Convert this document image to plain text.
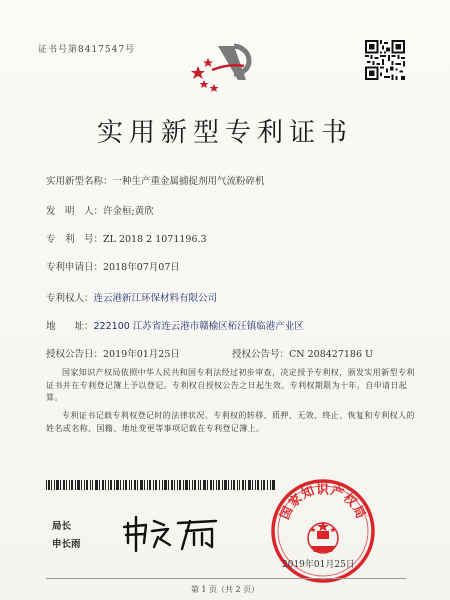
证书号第8417547号
实用新型专利证书
实用新型名称：一种生产重金属捕捉剂用气流粉碎机
发　明　人：许金桓;黄欣
专　利　号：ZL 2018 2 1071196.3
专利申请日：2018年07月07日
专利权人：连云港新江环保材料有限公司
地　　址：222100 江苏省连云港市赣榆区柘汪镇临港产业区
授权公告日：2019年01月25日	授权公告号：CN 208427186 U
国家知识产权局依照中华人民共和国专利法经过初步审查，决定授予专利权，颁发实用新型专利证书并在专利登记簿上予以登记。专利权自授权公告之日起生效。专利权期限为十年，自申请日起算。
专利证书记载专利权登记时的法律状况。专利权的转移、质押、无效、终止、恢复和专利权人的姓名或名称、国籍、地址变更等事项记载在专利登记簿上。
局长
申长雨
国家知识产权局
2019年01月25日
第 1 页（共 2 页）
